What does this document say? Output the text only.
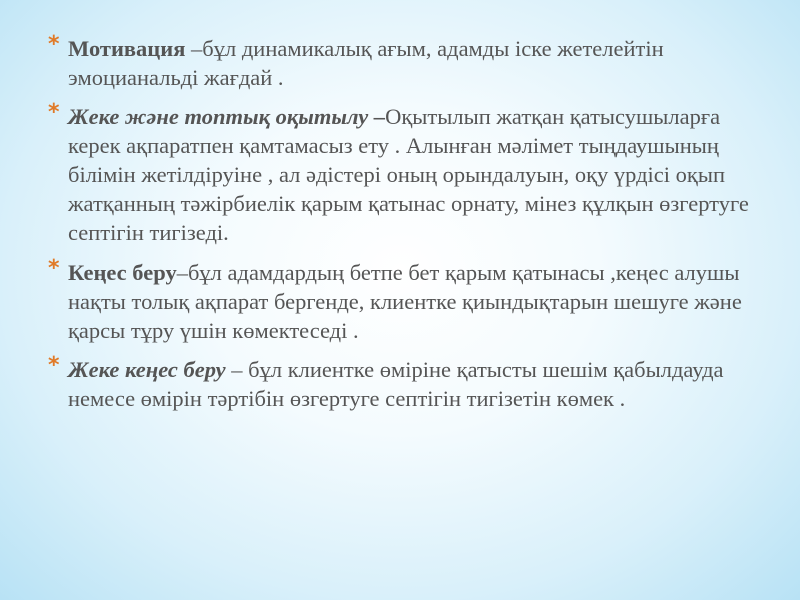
* Мотивация –бұл динамикалық ағым, адамды іске жетелейтін эмоцианальді жағдай .
* Жеке және топтық оқытылу –Оқытылып жатқан қатысушыларға керек ақпаратпен қамтамасыз ету . Алынған мәлімет тыңдаушының білімін жетілдіруіне , ал әдістері оның орындалуын, оқу үрдісі оқып жатқанның тәжірбиелік қарым қатынас орнату, мінез құлқын өзгертуге септігін тигізеді.
* Кеңес беру–бұл адамдардың бетпе бет қарым қатынасы ,кеңес алушы нақты толық ақпарат бергенде, клиентке қиындықтарын шешуге және қарсы тұру үшін көмектеседі .
* Жеке кеңес беру – бұл клиентке өміріне қатысты шешім қабылдауда немесе өмірін тәртібін өзгертуге септігін тигізетін көмек .
